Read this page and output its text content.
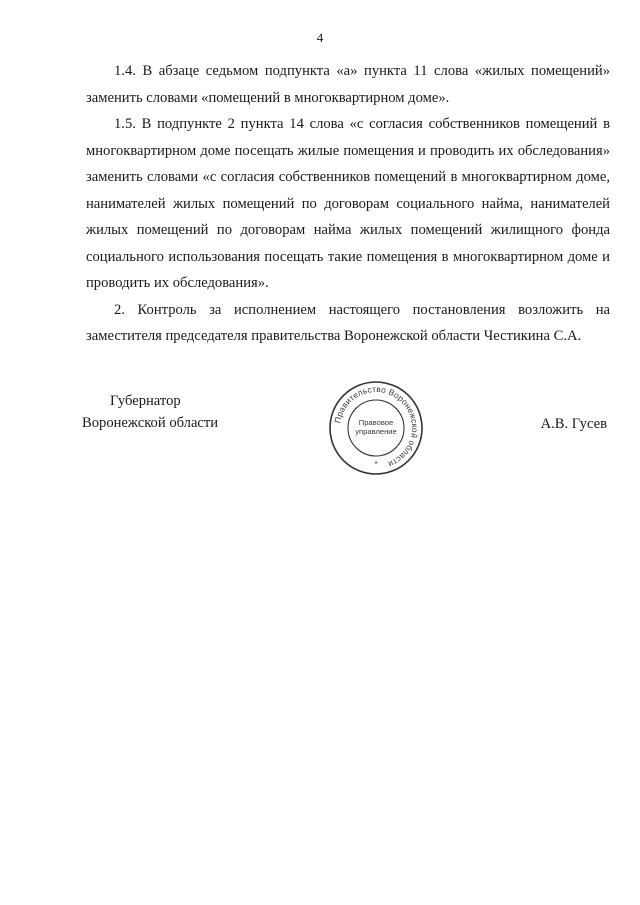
4

1.4. В абзаце седьмом подпункта «а» пункта 11 слова «жилых помещений» заменить словами «помещений в многоквартирном доме».

1.5. В подпункте 2 пункта 14 слова «с согласия собственников помещений в многоквартирном доме посещать жилые помещения и проводить их обследования» заменить словами «с согласия собственников помещений в многоквартирном доме, нанимателей жилых помещений по договорам социального найма, нанимателей жилых помещений по договорам найма жилых помещений жилищного фонда социального использования посещать такие помещения в многоквартирном доме и проводить их обследования».

2. Контроль за исполнением настоящего постановления возложить на заместителя председателя правительства Воронежской области Честикина С.А.

Губернатор
Воронежской области	Правительство Воронежской области
Правовое
управление
*
А.В. Гусев
